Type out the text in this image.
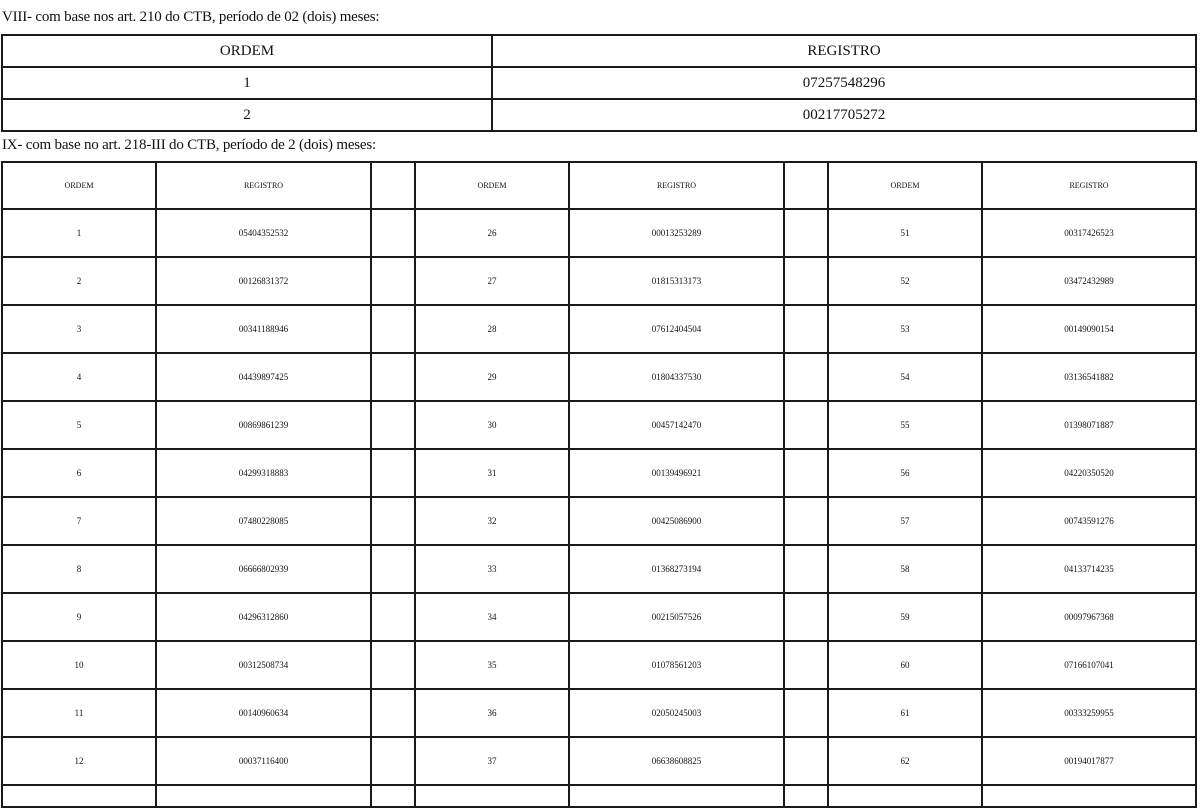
VIII- com base nos art. 210 do CTB, período de 02 (dois) meses:
ORDEM	REGISTRO
1	07257548296
2	00217705272
IX- com base no art. 218-III do CTB, período de 2 (dois) meses:
ORDEM	REGISTRO		ORDEM	REGISTRO		ORDEM	REGISTRO
1	05404352532		26	00013253289		51	00317426523
2	00126831372		27	01815313173		52	03472432989
3	00341188946		28	07612404504		53	00149090154
4	04439897425		29	01804337530		54	03136541882
5	00869861239		30	00457142470		55	01398071887
6	04299318883		31	00139496921		56	04220350520
7	07480228085		32	00425086900		57	00743591276
8	06666802939		33	01368273194		58	04133714235
9	04296312860		34	00215057526		59	00097967368
10	00312508734		35	01078561203		60	07166107041
11	00140960634		36	02050245003		61	00333259955
12	00037116400		37	06638608825		62	00194017877
